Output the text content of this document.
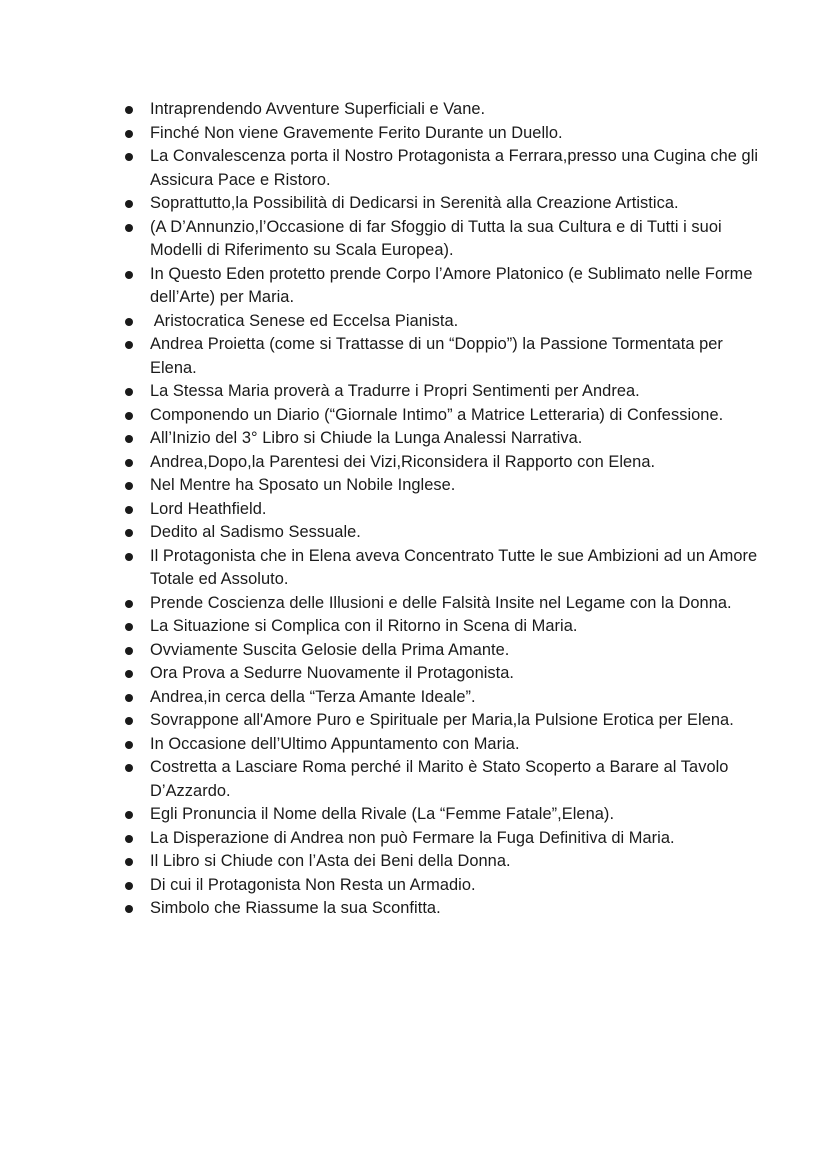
Intraprendendo Avventure Superficiali e Vane.
Finché Non viene Gravemente Ferito Durante un Duello.
La Convalescenza porta il Nostro Protagonista a Ferrara,presso una Cugina che gli Assicura Pace e Ristoro.
Soprattutto,la Possibilità di Dedicarsi in Serenità alla Creazione Artistica.
(A D’Annunzio,l’Occasione di far Sfoggio di Tutta la sua Cultura e di Tutti i suoi Modelli di Riferimento su Scala Europea).
In Questo Eden protetto prende Corpo l’Amore Platonico (e Sublimato nelle Forme dell’Arte) per Maria.
Aristocratica Senese ed Eccelsa Pianista.
Andrea Proietta (come si Trattasse di un “Doppio”) la Passione Tormentata per Elena.
La Stessa Maria proverà a Tradurre i Propri Sentimenti per Andrea.
Componendo un Diario (“Giornale Intimo” a Matrice Letteraria) di Confessione.
All’Inizio del 3° Libro si Chiude la Lunga Analessi Narrativa.
Andrea,Dopo,la Parentesi dei Vizi,Riconsidera il Rapporto con Elena.
Nel Mentre ha Sposato un Nobile Inglese.
Lord Heathfield.
Dedito al Sadismo Sessuale.
Il Protagonista che in Elena aveva Concentrato Tutte le sue Ambizioni ad un Amore Totale ed Assoluto.
Prende Coscienza delle Illusioni e delle Falsità Insite nel Legame con la Donna.
La Situazione si Complica con il Ritorno in Scena di Maria.
Ovviamente Suscita Gelosie della Prima Amante.
Ora Prova a Sedurre Nuovamente il Protagonista.
Andrea,in cerca della “Terza Amante Ideale”.
Sovrappone all'Amore Puro e Spirituale per Maria,la Pulsione Erotica per Elena.
In Occasione dell’Ultimo Appuntamento con Maria.
Costretta a Lasciare Roma perché il Marito è Stato Scoperto a Barare al Tavolo D’Azzardo.
Egli Pronuncia il Nome della Rivale (La “Femme Fatale”,Elena).
La Disperazione di Andrea non può Fermare la Fuga Definitiva di Maria.
Il Libro si Chiude con l’Asta dei Beni della Donna.
Di cui il Protagonista Non Resta un Armadio.
Simbolo che Riassume la sua Sconfitta.
